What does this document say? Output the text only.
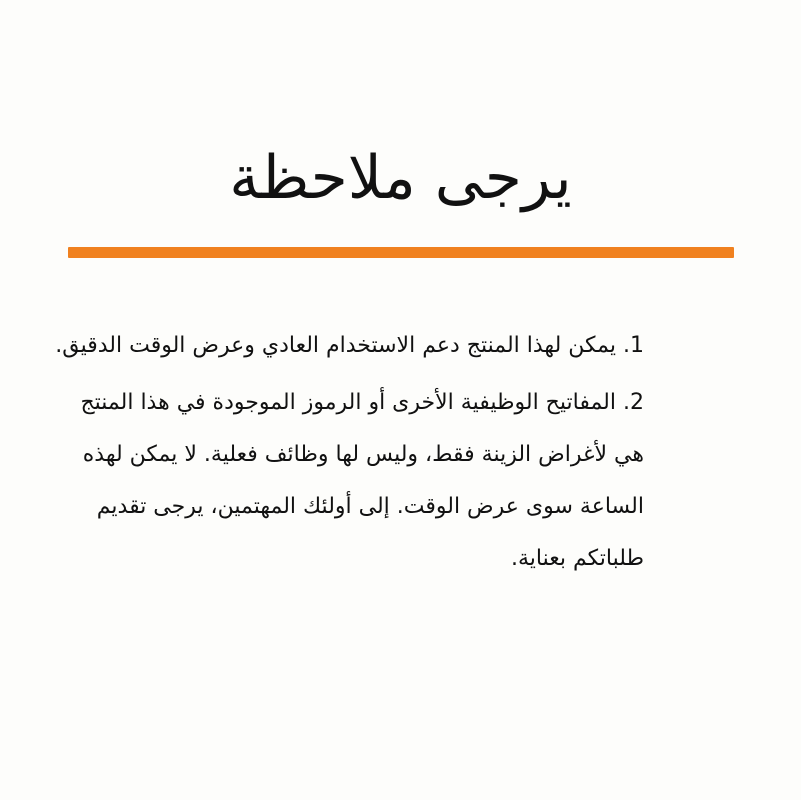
يرجى ملاحظة

1. يمكن لهذا المنتج دعم الاستخدام العادي وعرض الوقت الدقيق.

2. المفاتيح الوظيفية الأخرى أو الرموز الموجودة في هذا المنتج هي لأغراض الزينة فقط، وليس لها وظائف فعلية. لا يمكن لهذه الساعة سوى عرض الوقت. إلى أولئك المهتمين، يرجى تقديم طلباتكم بعناية.
